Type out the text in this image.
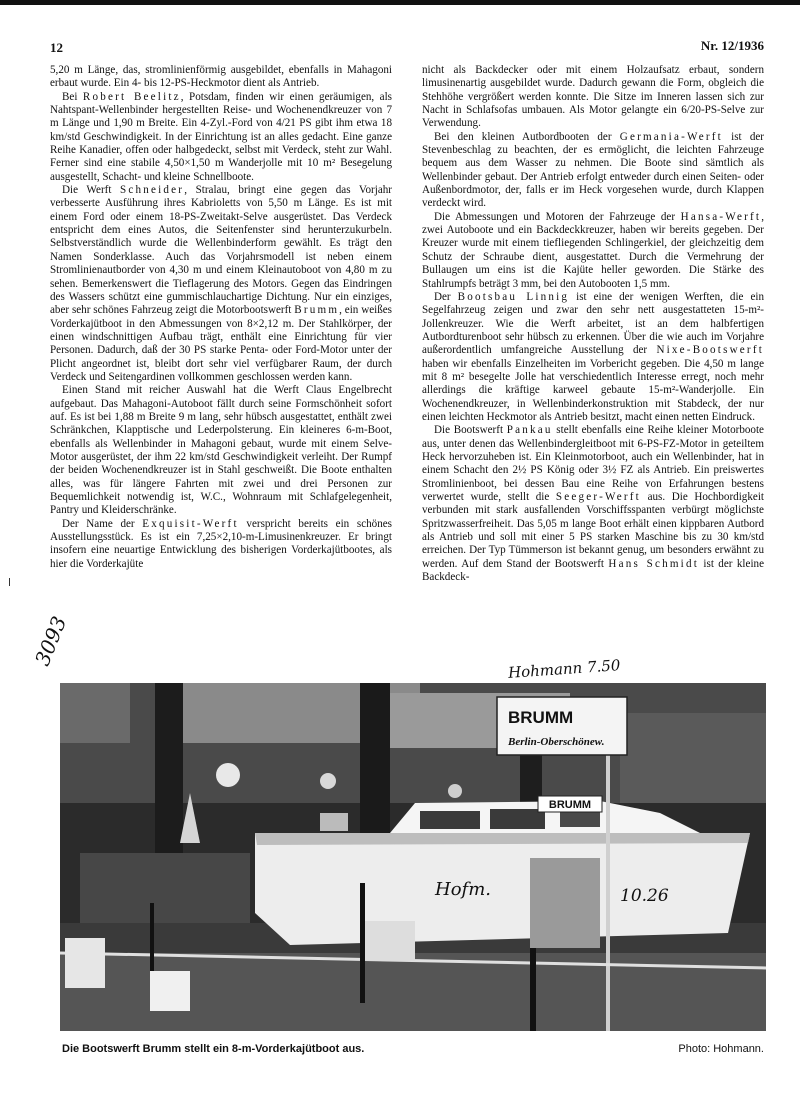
12	Nr. 12/1936

5,20 m Länge, das, stromlinienförmig ausgebildet, ebenfalls in Mahagoni erbaut wurde. Ein 4- bis 12-PS-Heckmotor dient als Antrieb.

Bei Robert Beelitz, Potsdam, finden wir einen geräumigen, als Nahtspant-Wellenbinder hergestellten Reise- und Wochenendkreuzer von 7 m Länge und 1,90 m Breite. Ein 4-Zyl.-Ford von 4/21 PS gibt ihm etwa 18 km/std Geschwindigkeit. In der Einrichtung ist an alles gedacht. Eine ganze Reihe Kanadier, offen oder halbgedeckt, selbst mit Verdeck, steht zur Wahl. Ferner sind eine stabile 4,50×1,50 m Wanderjolle mit 10 m² Besegelung ausgestellt, Schacht- und kleine Schnellboote.

Die Werft Schneider, Stralau, bringt eine gegen das Vorjahr verbesserte Ausführung ihres Kabrioletts von 5,50 m Länge. Es ist mit einem Ford oder einem 18-PS-Zweitakt-Selve ausgerüstet. Das Verdeck entspricht dem eines Autos, die Seitenfenster sind herunterzukurbeln. Selbstverständlich wurde die Wellenbinderform gewählt. Es trägt den Namen Sonderklasse. Auch das Vorjahrsmodell ist neben einem Stromlinienautborder von 4,30 m und einem Kleinautoboot von 4,80 m zu sehen. Bemerkenswert die Tieflagerung des Motors. Gegen das Eindringen des Wassers schützt eine gummischlauchartige Dichtung. Nur ein einziges, aber sehr schönes Fahrzeug zeigt die Motorbootswerft Brumm, ein weißes Vorderkajütboot in den Abmessungen von 8×2,12 m. Der Stahlkörper, der einen windschnittigen Aufbau trägt, enthält eine Einrichtung für vier Personen. Dadurch, daß der 30 PS starke Penta- oder Ford-Motor unter der Plicht angeordnet ist, bleibt dort sehr viel verfügbarer Raum, der durch Verdeck und Seitengardinen vollkommen geschlossen werden kann.

Einen Stand mit reicher Auswahl hat die Werft Claus Engelbrecht aufgebaut. Das Mahagoni-Autoboot fällt durch seine Formschönheit sofort auf. Es ist bei 1,88 m Breite 9 m lang, sehr hübsch ausgestattet, enthält zwei Schränkchen, Klapptische und Lederpolsterung. Ein kleineres 6-m-Boot, ebenfalls als Wellenbinder in Mahagoni gebaut, wurde mit einem Selve-Motor ausgerüstet, der ihm 22 km/std Geschwindigkeit verleiht. Der Rumpf der beiden Wochenendkreuzer ist in Stahl geschweißt. Die Boote enthalten alles, was für längere Fahrten mit zwei und drei Personen zur Bequemlichkeit notwendig ist, W.C., Wohnraum mit Schlafgelegenheit, Pantry und Kleiderschränke.

Der Name der Exquisit-Werft verspricht bereits ein schönes Ausstellungsstück. Es ist ein 7,25×2,10-m-Limusinenkreuzer. Er bringt insofern eine neuartige Entwicklung des bisherigen Vorderkajütbootes, als hier die Vorderkajüte

nicht als Backdecker oder mit einem Holzaufsatz erbaut, sondern limusinenartig ausgebildet wurde. Dadurch gewann die Form, obgleich die Stehhöhe vergrößert werden konnte. Die Sitze im Inneren lassen sich zur Nacht in Schlafsofas umbauen. Als Motor gelangte ein 6/20-PS-Selve zur Verwendung.

Bei den kleinen Autbordbooten der Germania-Werft ist der Stevenbeschlag zu beachten, der es ermöglicht, die leichten Fahrzeuge bequem aus dem Wasser zu nehmen. Die Boote sind sämtlich als Wellenbinder gebaut. Der Antrieb erfolgt entweder durch einen Seiten- oder Außenbordmotor, der, falls er im Heck vorgesehen wurde, durch Klappen verdeckt wird.

Die Abmessungen und Motoren der Fahrzeuge der Hansa-Werft, zwei Autoboote und ein Backdeckkreuzer, haben wir bereits gegeben. Der Kreuzer wurde mit einem tiefliegenden Schlingerkiel, der gleichzeitig dem Schutz der Schraube dient, ausgestattet. Durch die Vermehrung der Bullaugen um eins ist die Kajüte heller geworden. Die Stärke des Stahlrumpfs beträgt 3 mm, bei den Autobooten 1,5 mm.

Der Bootsbau Linnig ist eine der wenigen Werften, die ein Segelfahrzeug zeigen und zwar den sehr nett ausgestatteten 15-m²-Jollenkreuzer. Wie die Werft arbeitet, ist an dem halbfertigen Autbordturenboot sehr hübsch zu erkennen. Über die wie auch im Vorjahre außerordentlich umfangreiche Ausstellung der Nixe-Bootswerft haben wir ebenfalls Einzelheiten im Vorbericht gegeben. Die 4,50 m lange mit 8 m² besegelte Jolle hat verschiedentlich Interesse erregt, noch mehr allerdings die kräftige karweel gebaute 15-m²-Wanderjolle. Ein Wochenendkreuzer, in Wellenbinderkonstruktion mit Stabdeck, der nur einen leichten Heckmotor als Antrieb besitzt, macht einen netten Eindruck.

Die Bootswerft Pankau stellt ebenfalls eine Reihe kleiner Motorboote aus, unter denen das Wellenbindergleitboot mit 6-PS-FZ-Motor in geteiltem Heck hervorzuheben ist. Ein Kleinmotorboot, auch ein Wellenbinder, hat in einem Schacht den 2½ PS König oder 3½ FZ als Antrieb. Ein preiswertes Stromlinienboot, bei dessen Bau eine Reihe von Erfahrungen bestens verwertet wurde, stellt die Seeger-Werft aus. Die Hochbordigkeit verbunden mit stark ausfallenden Vorschiffsspanten verbürgt möglichste Spritzwasserfreiheit. Das 5,05 m lange Boot erhält einen kippbaren Autbord als Antrieb und soll mit einer 5 PS starken Maschine bis zu 30 km/std erreichen. Der Typ Tümmerson ist bekannt genug, um besonders erwähnt zu werden. Auf dem Stand der Bootswerft Hans Schmidt ist der kleine Backdeck-

3093
Hohmann 7.50
BRUMM
Hofm.	10.26
BRUMM
Berlin-Oberschönew.
Die Bootswerft Brumm stellt ein 8-m-Vorderkajütboot aus.	Photo: Hohmann.
